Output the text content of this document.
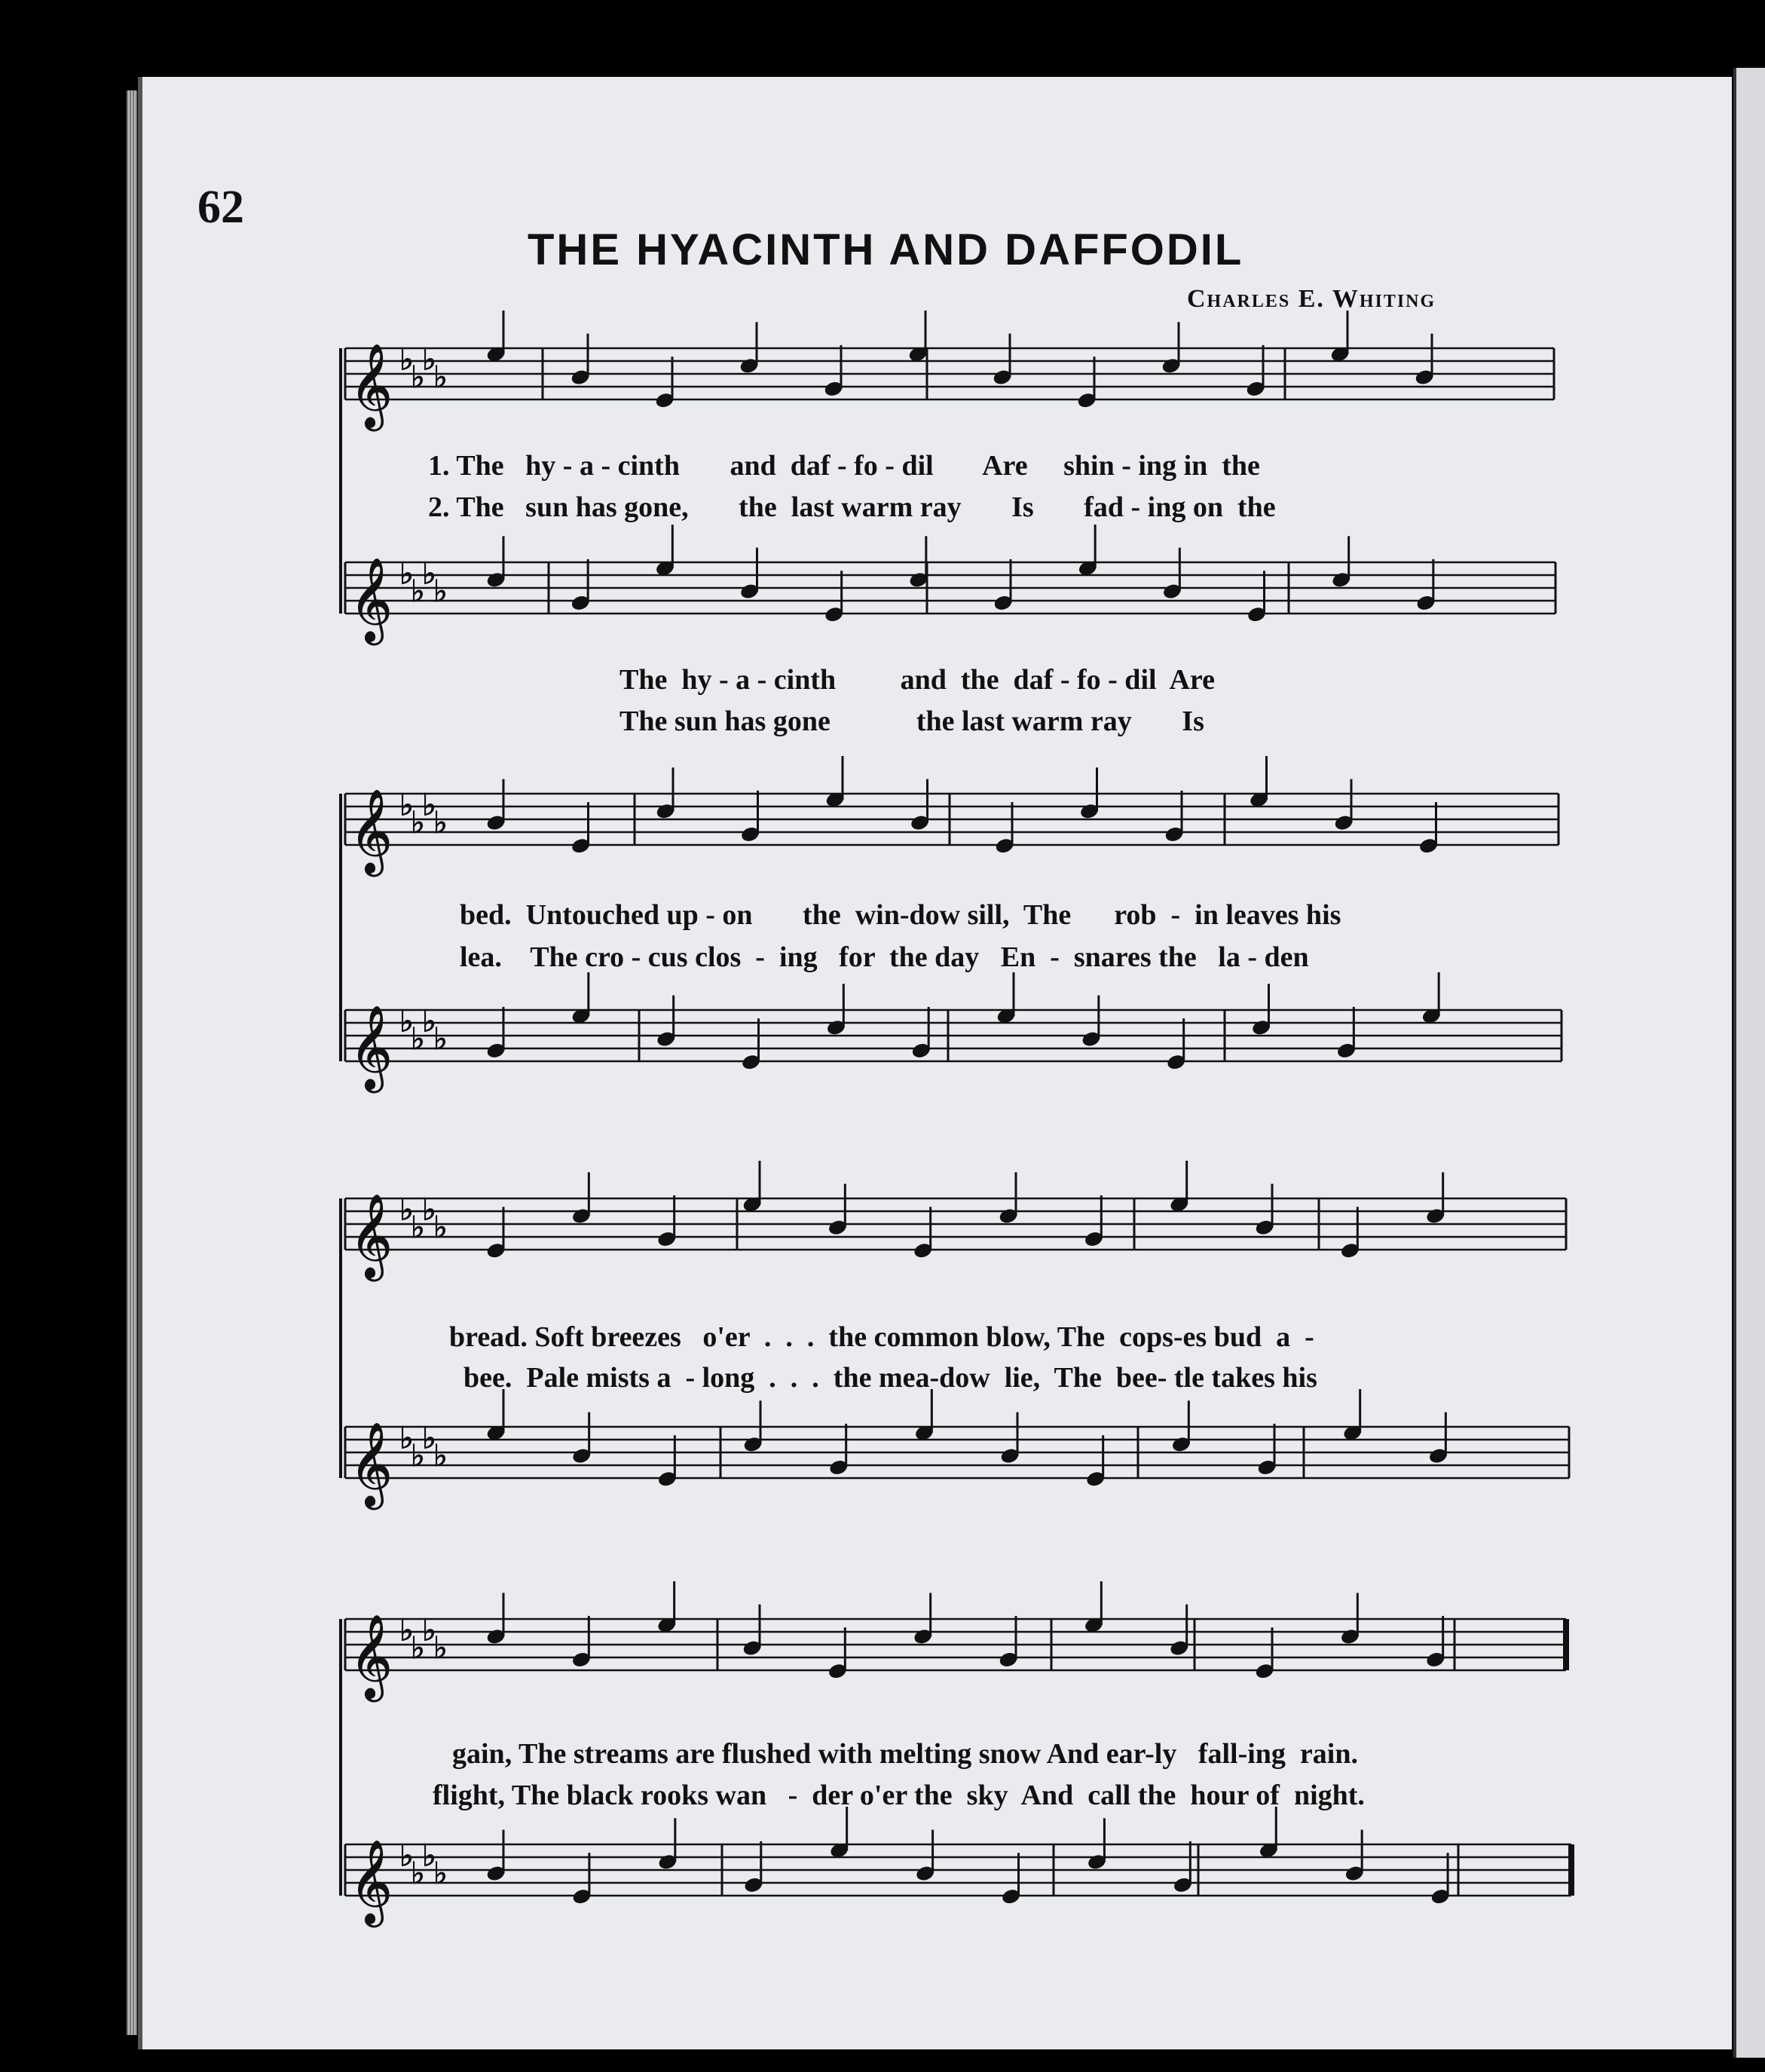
62
THE HYACINTH AND DAFFODIL
Charles E. Whiting
𝄞 ♭
♭
♭
♭
𝄞 ♭
♭
♭
♭
𝄞 ♭
♭
♭
♭
𝄞 ♭
♭
♭
♭
𝄞 ♭
♭
♭
♭
𝄞 ♭
♭
♭
♭
𝄞 ♭
♭
♭
♭
𝄞 ♭
♭
♭
♭
1. The   hy - a - cinth       and  daf - fo - dil       Are     shin - ing in  the
2. The   sun has gone,       the  last warm ray       Is       fad - ing on  the
The  hy - a - cinth         and  the  daf - fo - dil  Are
The sun has gone            the last warm ray       Is
bed.  Untouched up - on       the  win-dow sill,  The      rob  -  in leaves his
lea.    The cro - cus clos  -  ing   for  the day   En  -  snares the   la - den
bread. Soft breezes   o'er  .  .  .  the common blow, The  cops-es bud  a  -
bee.  Pale mists a  - long  .  .  .  the mea-dow  lie,  The  bee- tle takes his
gain, The streams are flushed with melting snow And ear-ly   fall-ing  rain.
flight, The black rooks wan   -  der o'er the  sky  And  call the  hour of  night.
